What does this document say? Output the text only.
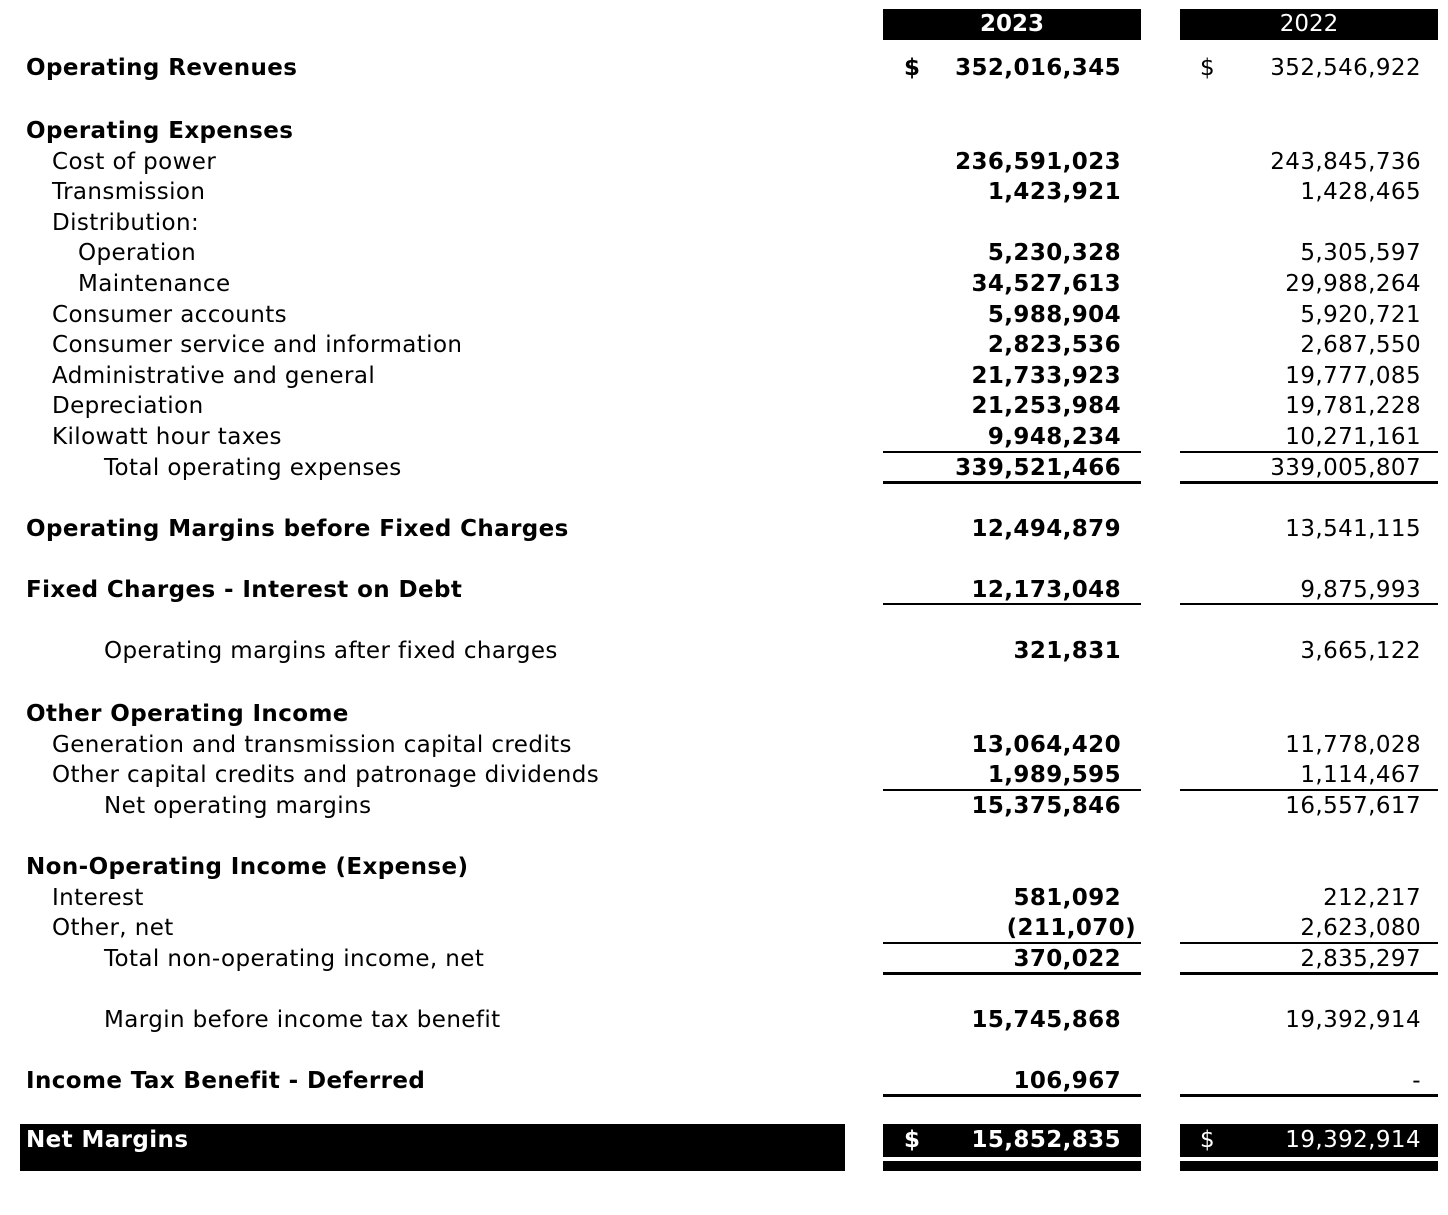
2023	2022
Operating Revenues	$	352,016,345	$	352,546,922
Operating Expenses
Cost of power	236,591,023	243,845,736
Transmission	1,423,921	1,428,465
Distribution:
Operation	5,230,328	5,305,597
Maintenance	34,527,613	29,988,264
Consumer accounts	5,988,904	5,920,721
Consumer service and information	2,823,536	2,687,550
Administrative and general	21,733,923	19,777,085
Depreciation	21,253,984	19,781,228
Kilowatt hour taxes	9,948,234	10,271,161
Total operating expenses	339,521,466	339,005,807
Operating Margins before Fixed Charges	12,494,879	13,541,115
Fixed Charges - Interest on Debt	12,173,048	9,875,993
Operating margins after fixed charges	321,831	3,665,122
Other Operating Income
Generation and transmission capital credits	13,064,420	11,778,028
Other capital credits and patronage dividends	1,989,595	1,114,467
Net operating margins	15,375,846	16,557,617
Non-Operating Income (Expense)
Interest	581,092	212,217
Other, net	(211,070)	2,623,080
Total non-operating income, net	370,022	2,835,297
Margin before income tax benefit	15,745,868	19,392,914
Income Tax Benefit - Deferred	106,967	-
Net Margins	$	15,852,835	$	19,392,914
